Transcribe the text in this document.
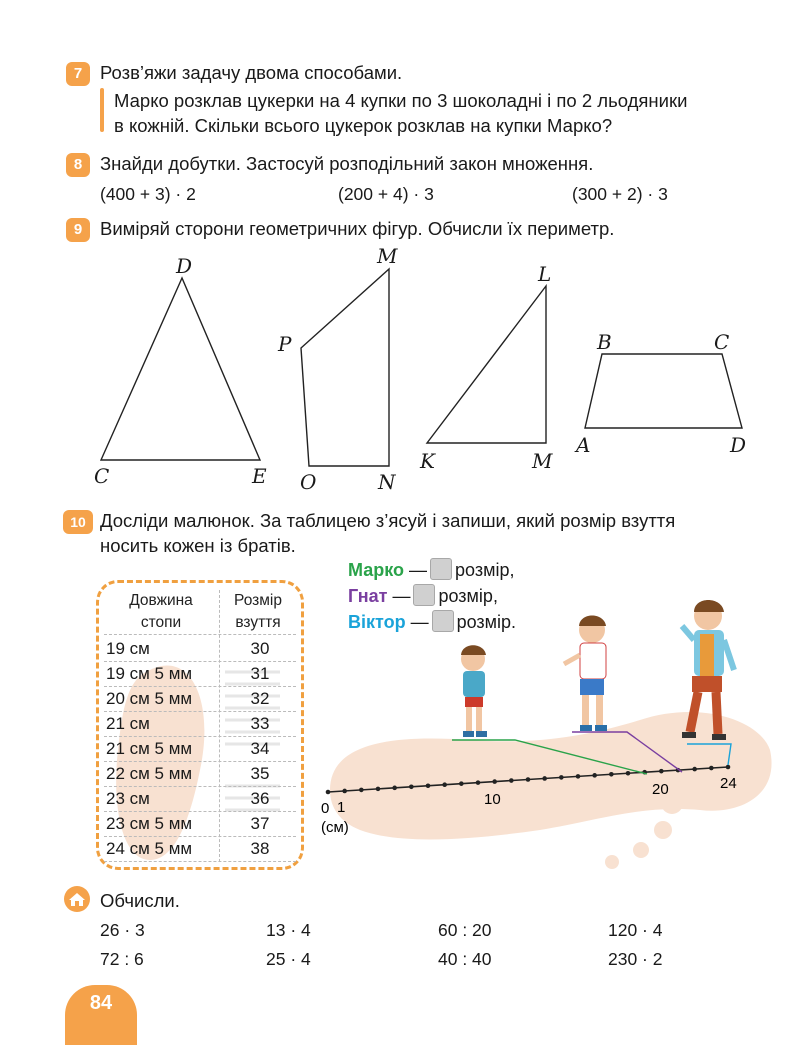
7 Розв’яжи задачу двома способами.
Марко розклав цукерки на 4 купки по 3 шоколадні і по 2 льодяники
в кожній. Скільки всього цукерок розклав на купки Марко?
8 Знайди добутки. Застосуй розподільний закон множення.
(400 + 3) · 2	(200 + 4) · 3	(300 + 2) · 3
9 Виміряй сторони геометричних фігур. Обчисли їх периметр.
D
C	E
M
P
O	N
L
K	M
B	C
A	D
10 Досліди малюнок. За таблицею з’ясуй і запиши, який розмір взуття
носить кожен із братів.
0 1	10
20	24
(см)
Марко — розмір,
Гнат — розмір,
Віктор — розмір.
Довжина
стопи
Розмір
взуття
19 см	30
19 см 5 мм	31
20 см 5 мм	32
21 см	33
21 см 5 мм	34
22 см 5 мм	35
23 см	36
23 см 5 мм	37
24 см 5 мм	38
Обчисли.
26 · 3	13 · 4	60 : 20	120 · 4
72 : 6	25 · 4	40 : 40	230 · 2
84
